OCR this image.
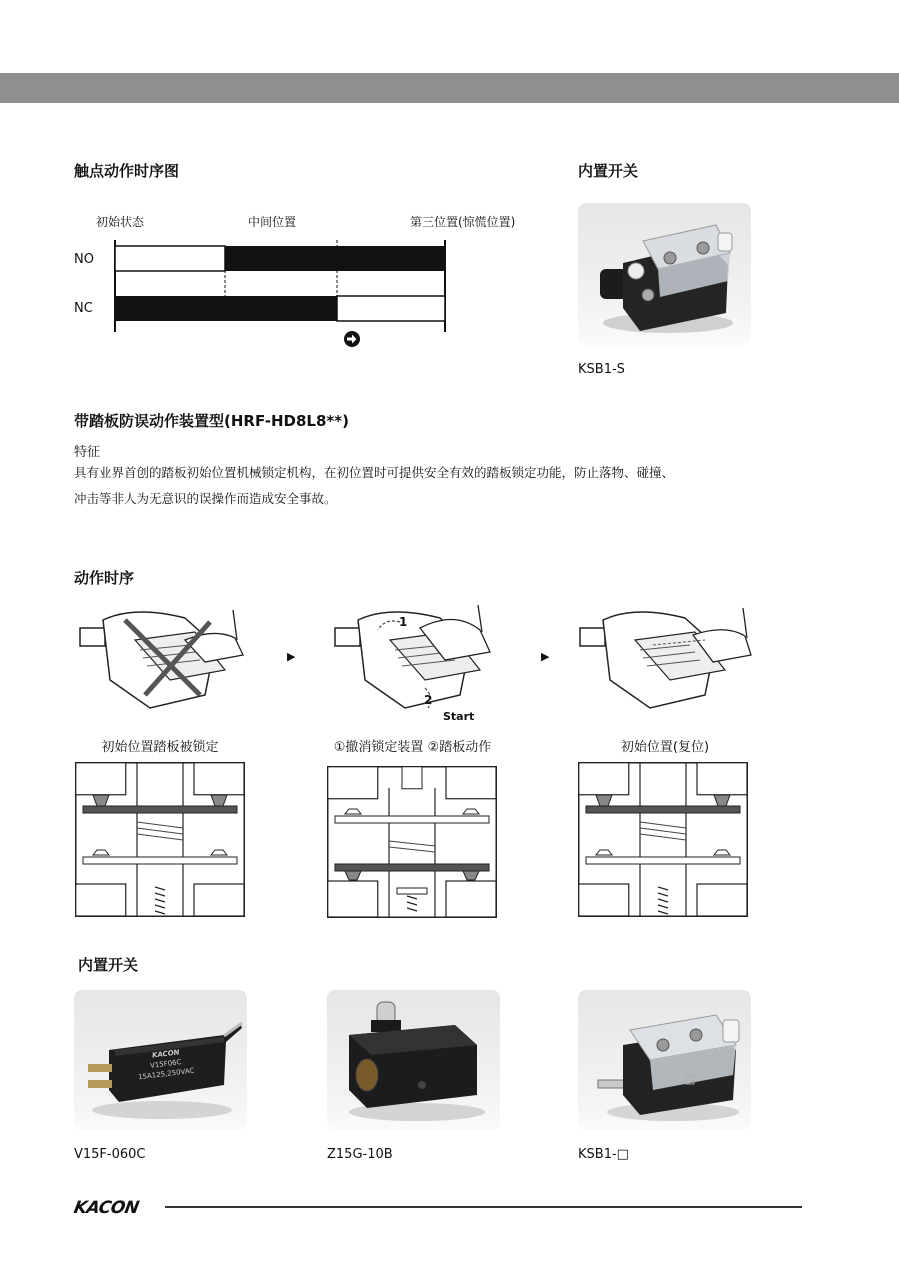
触点动作时序图
初始状态	中间位置	第三位置(惊慌位置)
NO
NC
内置开关
KSB1-S
带踏板防误动作装置型(HRF-HD8L8**)
特征
具有业界首创的踏板初始位置机械锁定机构，在初位置时可提供安全有效的踏板锁定功能，防止落物、碰撞、
冲击等非人为无意识的误操作而造成安全事故。
动作时序
▶
1
2
Start
▶
初始位置踏板被锁定	①撤消锁定装置 ②踏板动作	初始位置(复位)
内置开关
KACON
V15F06C
15A125,250VAC
V15F-060C	Z15G-10B	KSB1-□
KACON
